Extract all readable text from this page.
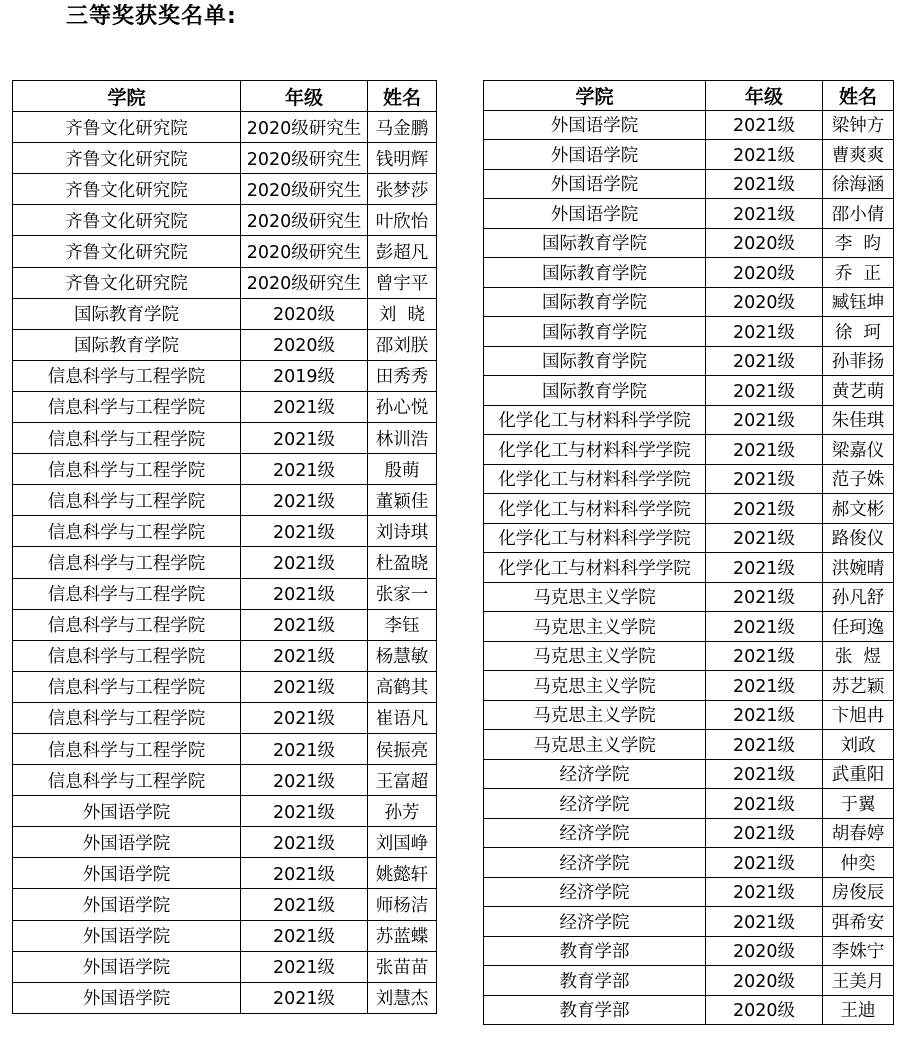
三等奖获奖名单:
学院	年级	姓名
齐鲁文化研究院	2020级研究生	马金鹏
齐鲁文化研究院	2020级研究生	钱明辉
齐鲁文化研究院	2020级研究生	张梦莎
齐鲁文化研究院	2020级研究生	叶欣怡
齐鲁文化研究院	2020级研究生	彭超凡
齐鲁文化研究院	2020级研究生	曾宇平
国际教育学院	2020级	刘  晓
国际教育学院	2020级	邵刘朕
信息科学与工程学院	2019级	田秀秀
信息科学与工程学院	2021级	孙心悦
信息科学与工程学院	2021级	林训浩
信息科学与工程学院	2021级	殷萌
信息科学与工程学院	2021级	董颖佳
信息科学与工程学院	2021级	刘诗琪
信息科学与工程学院	2021级	杜盈晓
信息科学与工程学院	2021级	张家一
信息科学与工程学院	2021级	李钰
信息科学与工程学院	2021级	杨慧敏
信息科学与工程学院	2021级	高鹤其
信息科学与工程学院	2021级	崔语凡
信息科学与工程学院	2021级	侯振亮
信息科学与工程学院	2021级	王富超
外国语学院	2021级	孙芳
外国语学院	2021级	刘国峥
外国语学院	2021级	姚懿轩
外国语学院	2021级	师杨洁
外国语学院	2021级	苏蓝蝶
外国语学院	2021级	张苗苗
外国语学院	2021级	刘慧杰
学院	年级	姓名
外国语学院	2021级	梁钟方
外国语学院	2021级	曹爽爽
外国语学院	2021级	徐海涵
外国语学院	2021级	邵小倩
国际教育学院	2020级	李  昀
国际教育学院	2020级	乔  正
国际教育学院	2020级	臧钰坤
国际教育学院	2021级	徐  珂
国际教育学院	2021级	孙菲扬
国际教育学院	2021级	黄艺萌
化学化工与材料科学学院	2021级	朱佳琪
化学化工与材料科学学院	2021级	梁嘉仪
化学化工与材料科学学院	2021级	范子姝
化学化工与材料科学学院	2021级	郝文彬
化学化工与材料科学学院	2021级	路俊仪
化学化工与材料科学学院	2021级	洪婉晴
马克思主义学院	2021级	孙凡舒
马克思主义学院	2021级	任珂逸
马克思主义学院	2021级	张  煜
马克思主义学院	2021级	苏艺颖
马克思主义学院	2021级	卞旭冉
马克思主义学院	2021级	刘政
经济学院	2021级	武重阳
经济学院	2021级	于翼
经济学院	2021级	胡春婷
经济学院	2021级	仲奕
经济学院	2021级	房俊辰
经济学院	2021级	弭希安
教育学部	2020级	李姝宁
教育学部	2020级	王美月
教育学部	2020级	王迪
